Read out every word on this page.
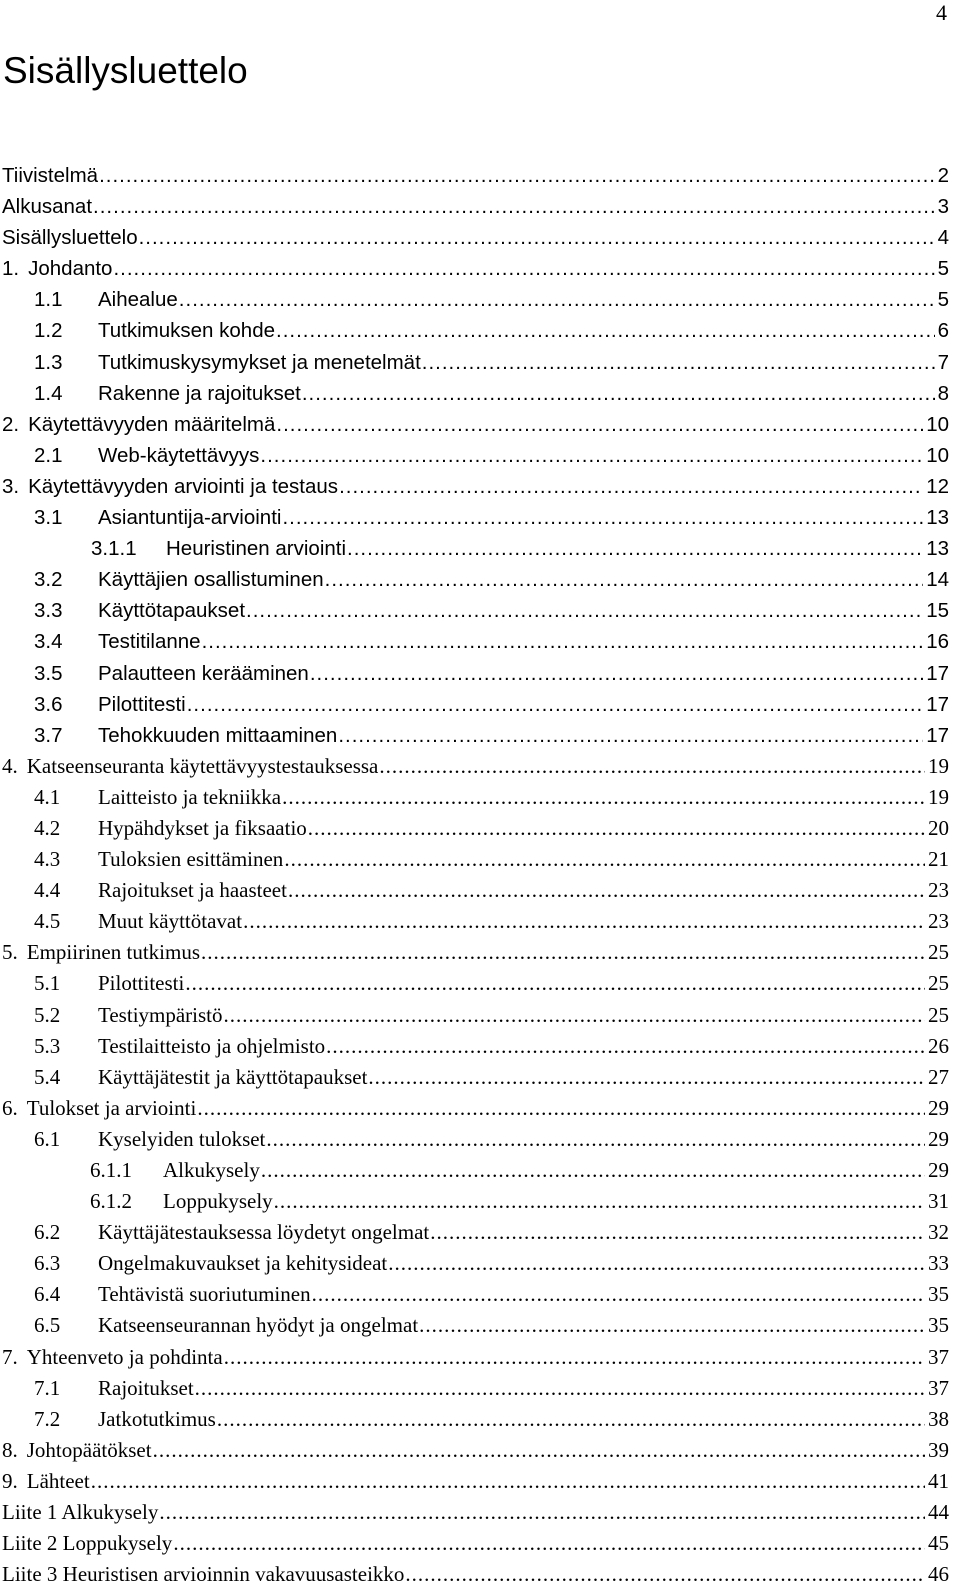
4
Sisällysluettelo
Tiivistelmä .....	2
Alkusanat .....	3
Sisällysluettelo .....	4
1. Johdanto .....	5
1.1	Aihealue .....	5
1.2	Tutkimuksen kohde .....	6
1.3	Tutkimuskysymykset ja menetelmät .....	7
1.4	Rakenne ja rajoitukset .....	8
2. Käytettävyyden määritelmä .....	10
2.1	Web-käytettävyys .....	10
3. Käytettävyyden arviointi ja testaus .....	12
3.1	Asiantuntija-arviointi .....	13
3.1.1	Heuristinen arviointi .....	13
3.2	Käyttäjien osallistuminen .....	14
3.3	Käyttötapaukset .....	15
3.4	Testitilanne .....	16
3.5	Palautteen kerääminen .....	17
3.6	Pilottitesti .....	17
3.7	Tehokkuuden mittaaminen .....	17
4. Katseenseuranta käytettävyystestauksessa .....	19
4.1	Laitteisto ja tekniikka .....	19
4.2	Hypähdykset ja fiksaatio .....	20
4.3	Tuloksien esittäminen .....	21
4.4	Rajoitukset ja haasteet .....	23
4.5	Muut käyttötavat .....	23
5. Empiirinen tutkimus .....	25
5.1	Pilottitesti .....	25
5.2	Testiympäristö .....	25
5.3	Testilaitteisto ja ohjelmisto .....	26
5.4	Käyttäjätestit ja käyttötapaukset .....	27
6. Tulokset ja arviointi .....	29
6.1	Kyselyiden tulokset .....	29
6.1.1	Alkukysely .....	29
6.1.2	Loppukysely .....	31
6.2	Käyttäjätestauksessa löydetyt ongelmat .....	32
6.3	Ongelmakuvaukset ja kehitysideat .....	33
6.4	Tehtävistä suoriutuminen .....	35
6.5	Katseenseurannan hyödyt ja ongelmat .....	35
7. Yhteenveto ja pohdinta .....	37
7.1	Rajoitukset .....	37
7.2	Jatkotutkimus .....	38
8. Johtopäätökset .....	39
9. Lähteet .....	41
Liite 1 Alkukysely .....	44
Liite 2 Loppukysely .....	45
Liite 3 Heuristisen arvioinnin vakavuusasteikko .....	46
